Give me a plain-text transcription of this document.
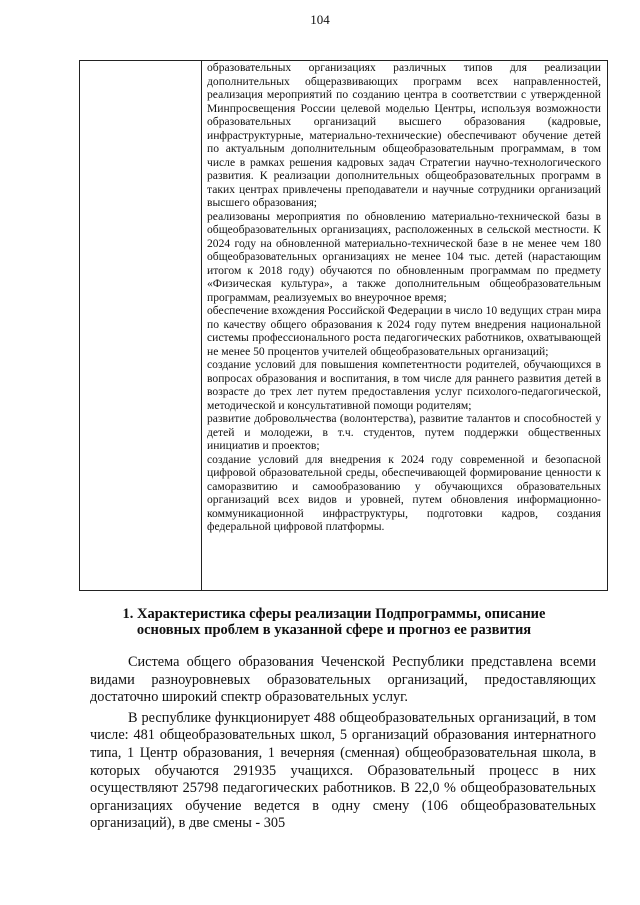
104

образовательных организациях различных типов для реализации дополнительных общеразвивающих программ всех направленностей, реализация мероприятий по созданию центра в соответствии с утвержденной Минпросвещения России целевой моделью Центры, используя возможности образовательных организаций высшего образования (кадровые, инфраструктурные, материально-технические) обеспечивают обучение детей по актуальным дополнительным общеобразовательным программам, в том числе в рамках решения кадровых задач Стратегии научно-технологического развития. К реализации дополнительных общеобразовательных программ в таких центрах привлечены преподаватели и научные сотрудники организаций высшего образования;

реализованы мероприятия по обновлению материально-технической базы в общеобразовательных организациях, расположенных в сельской местности. К 2024 году на обновленной материально-технической базе в не менее чем 180 общеобразовательных организациях не менее 104 тыс. детей (нарастающим итогом к 2018 году) обучаются по обновленным программам по предмету «Физическая культура», а также дополнительным общеобразовательным программам, реализуемых во внеурочное время;

обеспечение вхождения Российской Федерации в число 10 ведущих стран мира по качеству общего образования к 2024 году путем внедрения национальной системы профессионального роста педагогических работников, охватывающей не менее 50 процентов учителей общеобразовательных организаций;

создание условий для повышения компетентности родителей, обучающихся в вопросах образования и воспитания, в том числе для раннего развития детей в возрасте до трех лет путем предоставления услуг психолого-педагогической, методической и консультативной помощи родителям;

развитие добровольчества (волонтерства), развитие талантов и способностей у детей и молодежи, в т.ч. студентов, путем поддержки общественных инициатив и проектов;

создание условий для внедрения к 2024 году современной и безопасной цифровой образовательной среды, обеспечивающей формирование ценности к саморазвитию и самообразованию у обучающихся образовательных организаций всех видов и уровней, путем обновления информационно-коммуникационной инфраструктуры, подготовки кадров, создания федеральной цифровой платформы.

1. Характеристика сферы реализации Подпрограммы, описание основных проблем в указанной сфере и прогноз ее развития

Система общего образования Чеченской Республики представлена всеми видами разноуровневых образовательных организаций, предоставляющих достаточно широкий спектр образовательных услуг.

В республике функционирует 488 общеобразовательных организаций, в том числе: 481 общеобразовательных школ, 5 организаций образования интернатного типа, 1 Центр образования, 1 вечерняя (сменная) общеобразовательная школа, в которых обучаются 291935 учащихся. Образовательный процесс в них осуществляют 25798 педагогических работников. В 22,0 % общеобразовательных организациях обучение ведется в одну смену (106 общеобразовательных организаций), в две смены - 305
